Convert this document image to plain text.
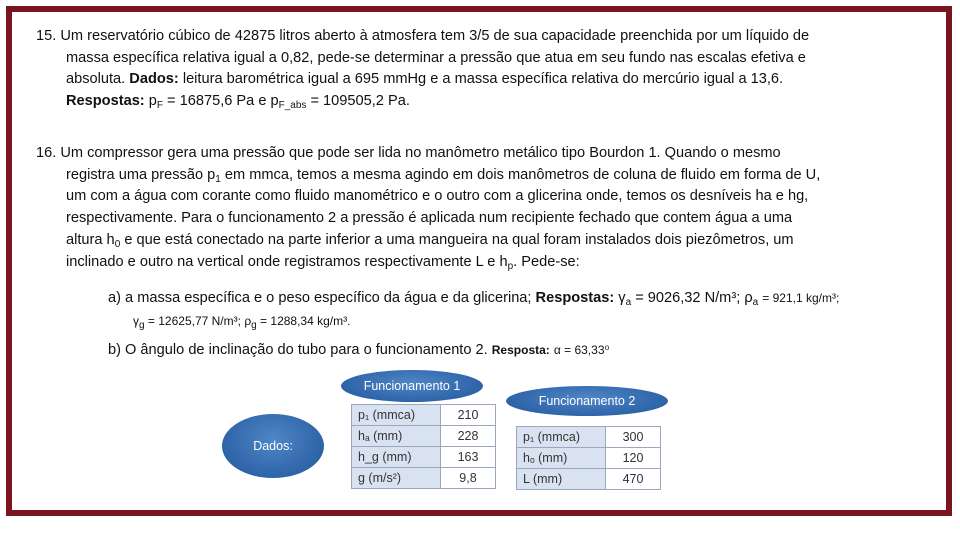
15. Um reservatório cúbico de 42875 litros aberto à atmosfera tem 3/5 de sua capacidade preenchida por um líquido de
massa específica relativa igual a 0,82, pede-se determinar a pressão que atua em seu fundo nas escalas efetiva e
absoluta. Dados: leitura barométrica igual a 695 mmHg e a massa específica relativa do mercúrio igual a 13,6.
Respostas: $p_F = 16875,6$ Pa e $p_{F\_abs} = 109505,2$ Pa.
16. Um compressor gera uma pressão que pode ser lida no manômetro metálico tipo Bourdon 1. Quando o mesmo
registra uma pressão $p_1$ em mmca, temos a mesma agindo em dois manômetros de coluna de fluido em forma de U,
um com a água com corante como fluido manométrico e o outro com a glicerina onde, temos os desníveis ha e hg,
respectivamente. Para o funcionamento 2 a pressão é aplicada num recipiente fechado que contem água a uma
altura $h_0$ e que está conectado na parte inferior a uma mangueira na qual foram instalados dois piezômetros, um
inclinado e outro na vertical onde registramos respectivamente L e $h_p$. Pede-se:
a) a massa específica e o peso específico da água e da glicerina; Respostas: $\gamma_a = 9026,32$ N/m³; $\rho_a = 921,1$ kg/m³;
$\gamma_g = 12625,77$ N/m³; $\rho_g = 1288,34$ kg/m³.
b) O ângulo de inclinação do tubo para o funcionamento 2. Resposta: α = 63,33⁰
Dados:
Funcionamento 1
p₁ (mmca)	210
hₐ (mm)	228
h_g (mm)	163
g (m/s²)	9,8
Funcionamento 2
p₁ (mmca)	300
hₒ (mm)	120
L (mm)	470
